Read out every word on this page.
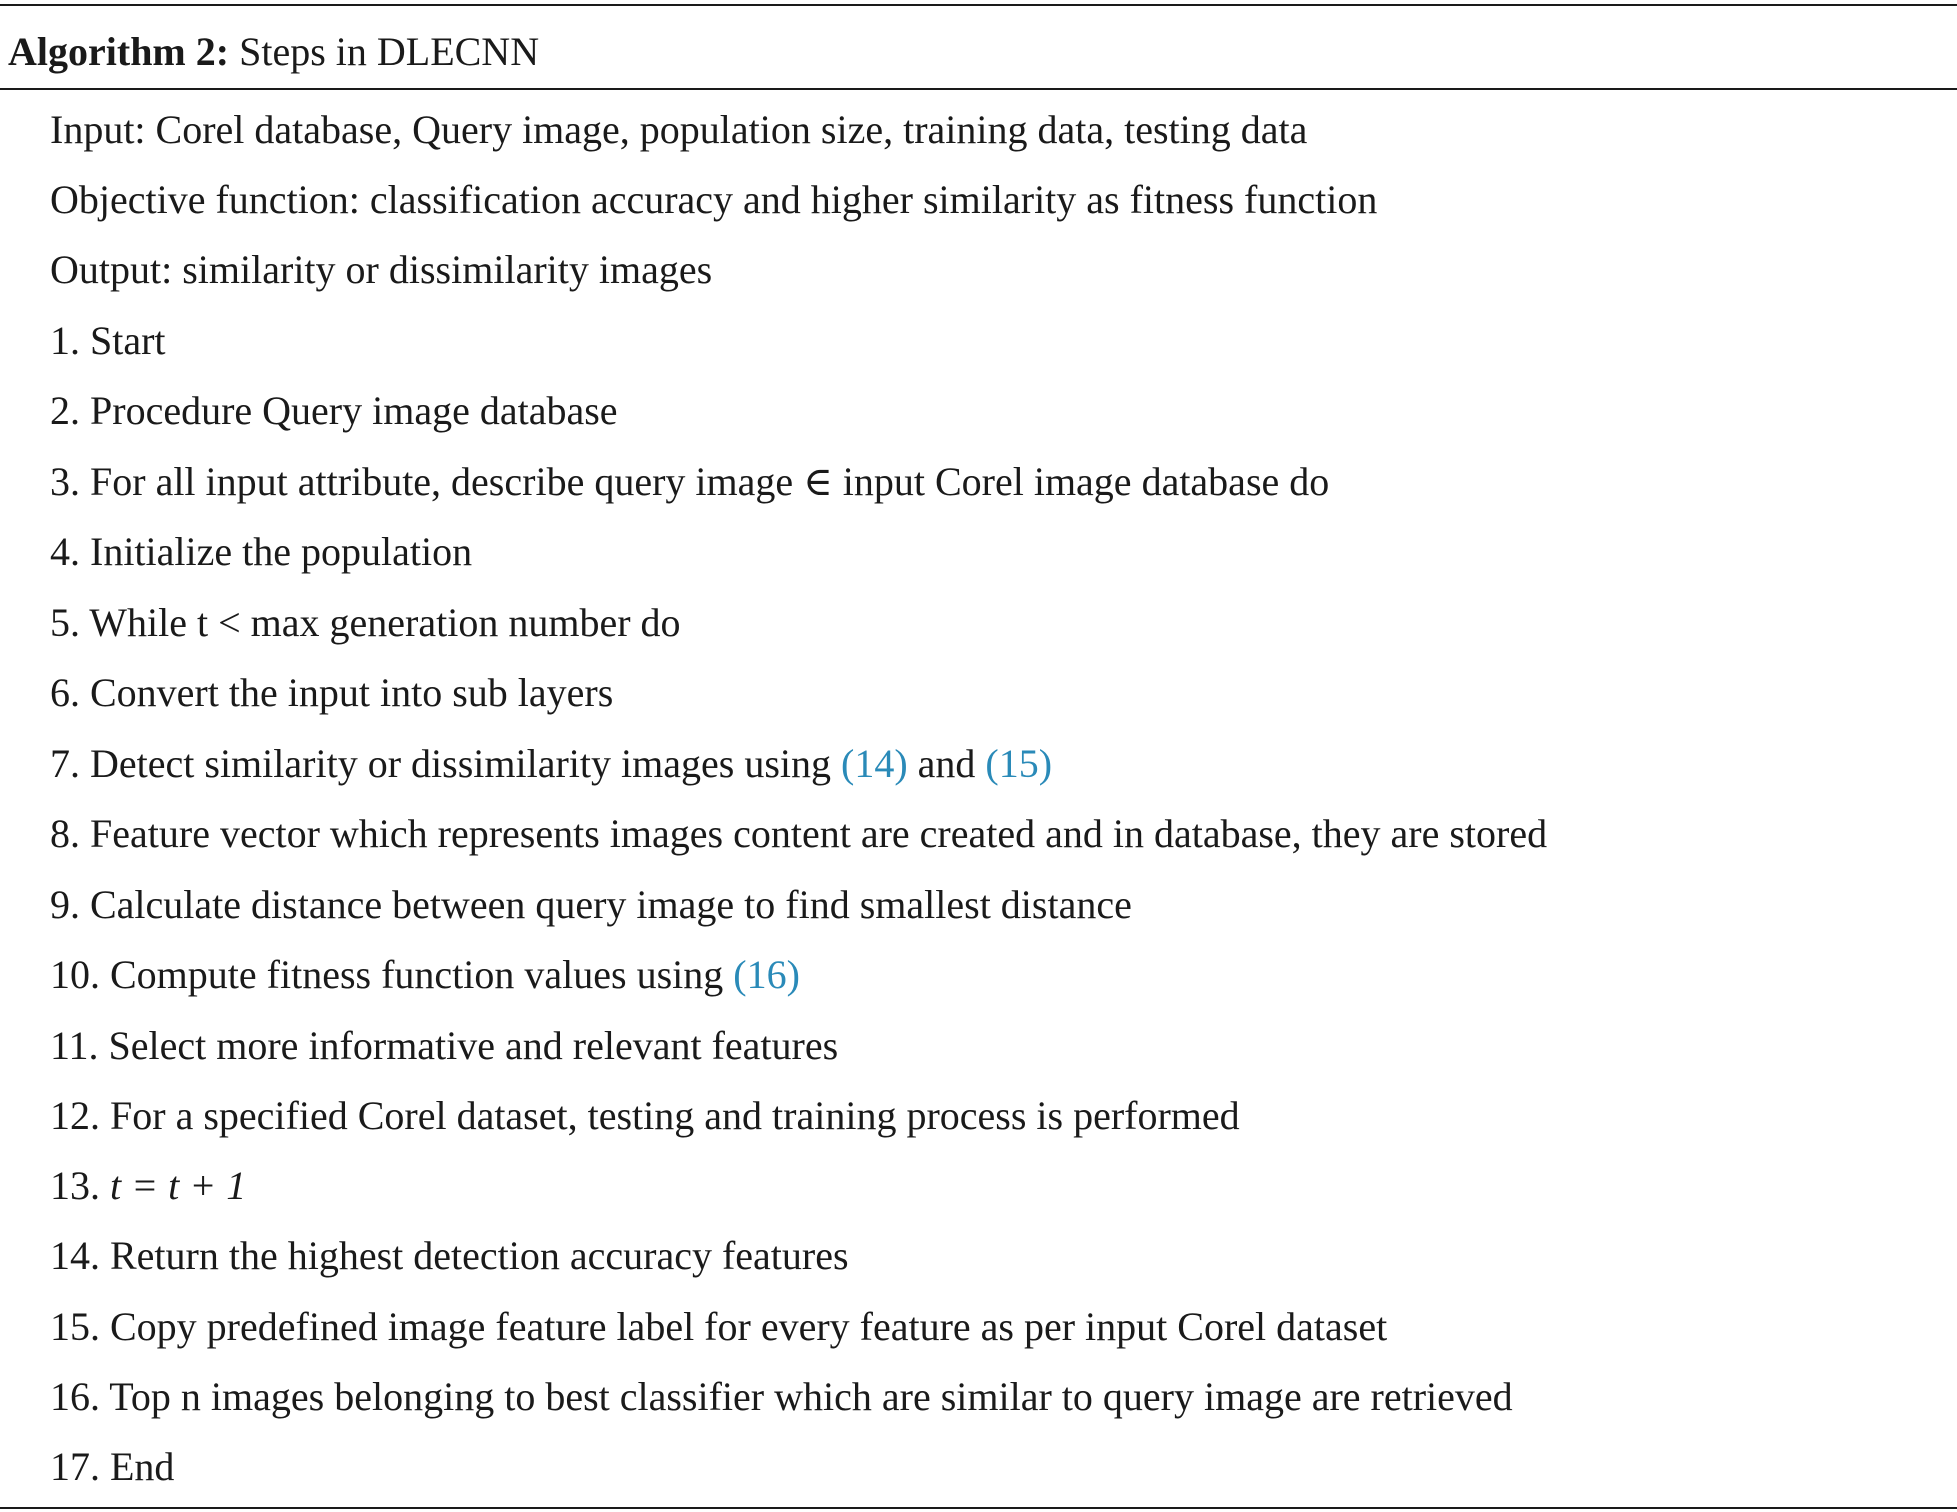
Algorithm 2: Steps in DLECNN
Input: Corel database, Query image, population size, training data, testing data
Objective function: classification accuracy and higher similarity as fitness function
Output: similarity or dissimilarity images
1. Start
2. Procedure Query image database
3. For all input attribute, describe query image ∈ input Corel image database do
4. Initialize the population
5. While t < max generation number do
6. Convert the input into sub layers
7. Detect similarity or dissimilarity images using (14) and (15)
8. Feature vector which represents images content are created and in database, they are stored
9. Calculate distance between query image to find smallest distance
10. Compute fitness function values using (16)
11. Select more informative and relevant features
12. For a specified Corel dataset, testing and training process is performed
13. t = t + 1
14. Return the highest detection accuracy features
15. Copy predefined image feature label for every feature as per input Corel dataset
16. Top n images belonging to best classifier which are similar to query image are retrieved
17. End
